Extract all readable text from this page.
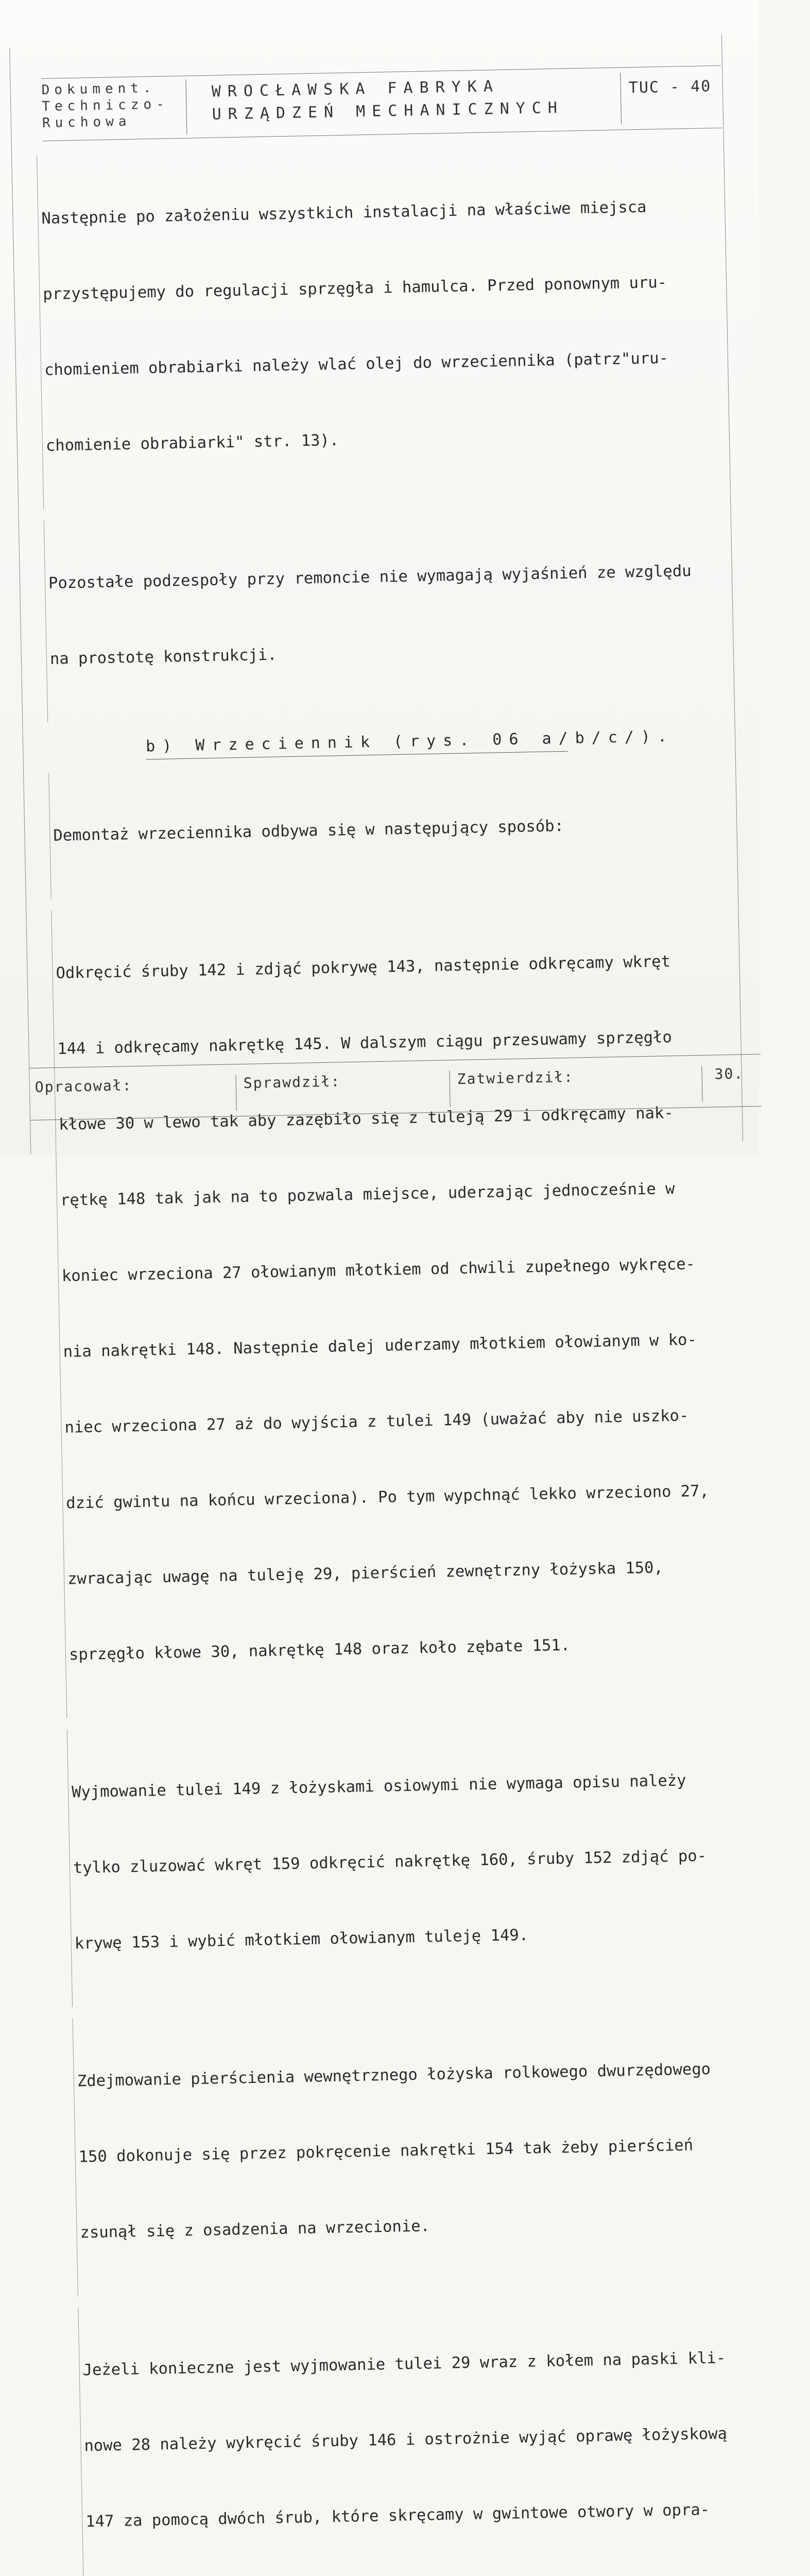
Dokument.
Techniczo-
Ruchowa
WROCŁAWSKA FABRYKA
URZĄDZEŃ MECHANICZNYCH
TUC - 40

Następnie po założeniu wszystkich instalacji na właściwe miejsca

przystępujemy do regulacji sprzęgła i hamulca. Przed ponownym uru-

chomieniem obrabiarki należy wlać olej do wrzeciennika (patrz"uru-

chomienie obrabiarki" str. 13).

Pozostałe podzespoły przy remoncie nie wymagają wyjaśnień ze względu

na prostotę konstrukcji.

b) Wrzeciennik (rys. 06 a/b/c/).

Demontaż wrzeciennika odbywa się w następujący sposób:

Odkręcić śruby 142 i zdjąć pokrywę 143, następnie odkręcamy wkręt

144 i odkręcamy nakrętkę 145. W dalszym ciągu przesuwamy sprzęgło

kłowe 30 w lewo tak aby zazębiło się z tuleją 29 i odkręcamy nak-

rętkę 148 tak jak na to pozwala miejsce, uderzając jednocześnie w

koniec wrzeciona 27 ołowianym młotkiem od chwili zupełnego wykręce-

nia nakrętki 148. Następnie dalej uderzamy młotkiem ołowianym w ko-

niec wrzeciona 27 aż do wyjścia z tulei 149 (uważać aby nie uszko-

dzić gwintu na końcu wrzeciona). Po tym wypchnąć lekko wrzeciono 27,

zwracając uwagę na tuleję 29, pierścień zewnętrzny łożyska 150,

sprzęgło kłowe 30, nakrętkę 148 oraz koło zębate 151.

Wyjmowanie tulei 149 z łożyskami osiowymi nie wymaga opisu należy

tylko zluzować wkręt 159 odkręcić nakrętkę 160, śruby 152 zdjąć po-

krywę 153 i wybić młotkiem ołowianym tuleję 149.

Zdejmowanie pierścienia wewnętrznego łożyska rolkowego dwurzędowego

150 dokonuje się przez pokręcenie nakrętki 154 tak żeby pierścień

zsunął się z osadzenia na wrzecionie.

Jeżeli konieczne jest wyjmowanie tulei 29 wraz z kołem na paski kli-

nowe 28 należy wykręcić śruby 146 i ostrożnie wyjąć oprawę łożyskową

147 za pomocą dwóch śrub, które skręcamy w gwintowe otwory w opra-

Opracował:	Sprawdził:	Zatwierdził:	30.
